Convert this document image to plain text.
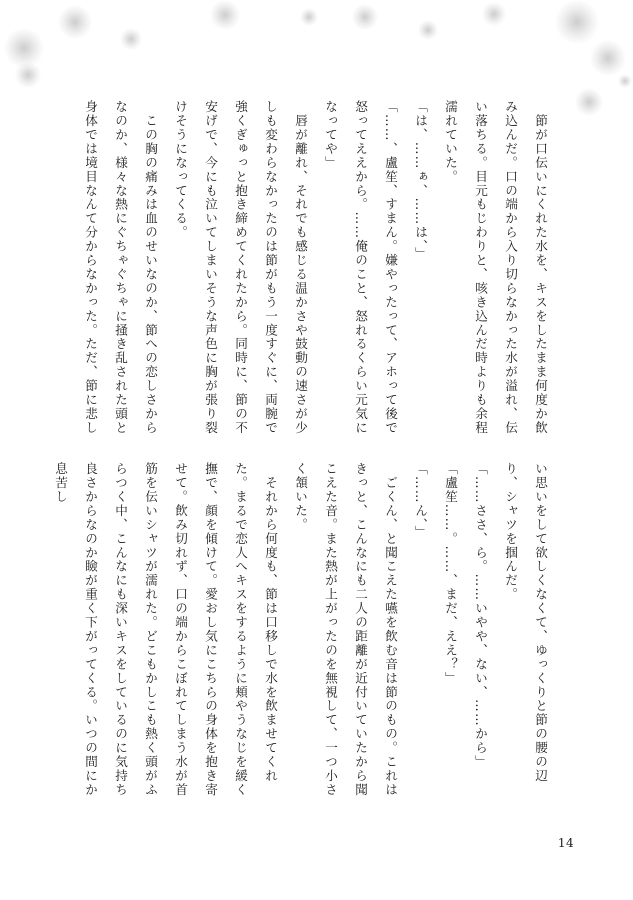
　節が口伝いにくれた水を、キスをしたまま何度か飲み込んだ。口の端から入り切らなかった水が溢れ、伝い落ちる。目元もじわりと、咳き込んだ時よりも余程濡れていた。

「は、……ぁ、……は、」

「……、盧笙、すまん。嫌やったって、アホって後で怒ってええから。……俺のこと、怒れるくらい元気になってや」

　唇が離れ、それでも感じる温かさや鼓動の速さが少しも変わらなかったのは節がもう一度すぐに、両腕で強くぎゅっと抱き締めてくれたから。同時に、節の不安げで、今にも泣いてしまいそうな声色に胸が張り裂けそうになってくる。

　この胸の痛みは血のせいなのか、節への恋しさからなのか、様々な熱にぐちゃぐちゃに掻き乱された頭と身体では境目なんて分からなかった。ただ、節に悲し

い思いをして欲しくなくて、ゆっくりと節の腰の辺り、シャツを掴んだ。

「……ささ、ら。……いやや、ない、……から」

「盧笙……。……、まだ、ええ？」

「……ん、」

　ごくん、と聞こえた嚥を飲む音は節のもの。これはきっと、こんなにも二人の距離が近付いていたから聞こえた音。また熱が上がったのを無視して、一つ小さく頷いた。

　それから何度も、節は口移しで水を飲ませてくれた。まるで恋人へキスをするように頬やうなじを緩く撫で、顔を傾けて。愛おし気にこちらの身体を抱き寄せて。飲み切れず、口の端からこぼれてしまう水が首筋を伝いシャツが濡れた。どこもかしこも熱く頭がふらつく中、こんなにも深いキスをしているのに気持ち良さからなのか瞼が重く下がってくる。いつの間にか息苦し

14
